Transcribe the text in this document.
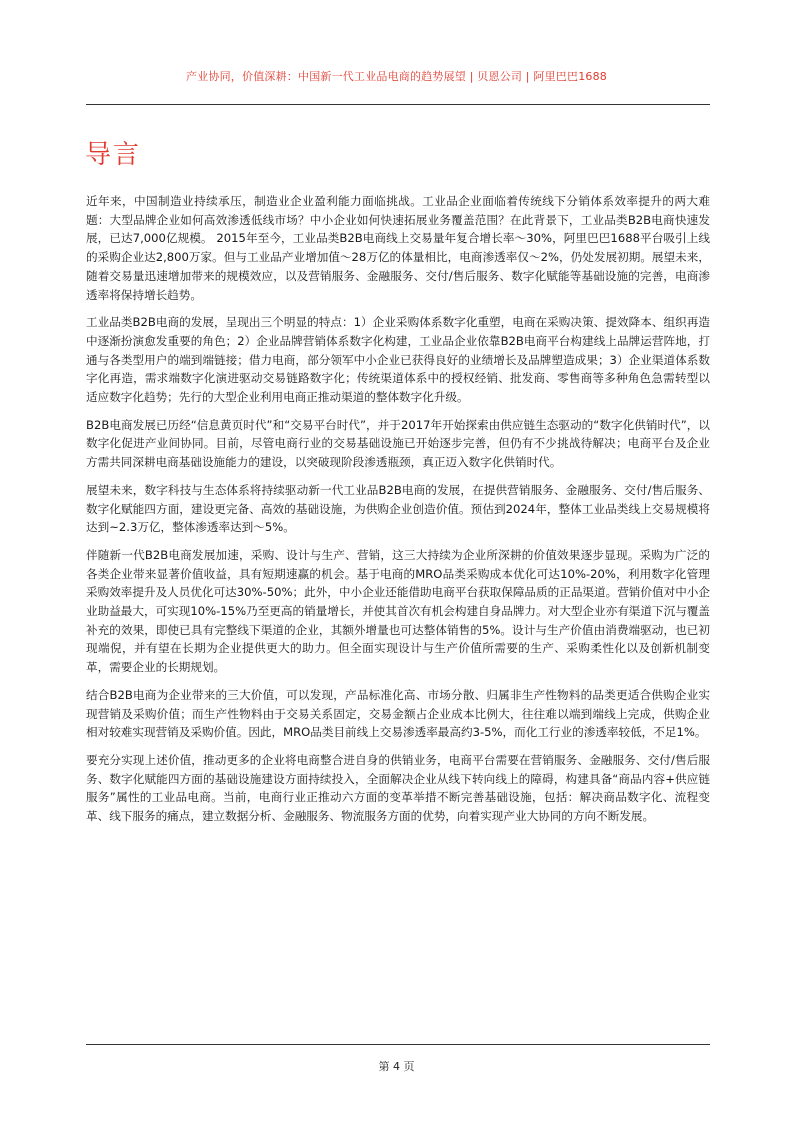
产业协同，价值深耕：中国新一代工业品电商的趋势展望 | 贝恩公司 | 阿里巴巴1688
导言

近年来，中国制造业持续承压，制造业企业盈利能力面临挑战。工业品企业面临着传统线下分销体系效率提升的两大难题：大型品牌企业如何高效渗透低线市场？中小企业如何快速拓展业务覆盖范围？在此背景下，工业品类B2B电商快速发展，已达7,000亿规模。 2015年至今，工业品类B2B电商线上交易量年复合增长率～30%，阿里巴巴1688平台吸引上线的采购企业达2,800万家。但与工业品产业增加值～28万亿的体量相比，电商渗透率仅～2%，仍处发展初期。展望未来，随着交易量迅速增加带来的规模效应，以及营销服务、金融服务、交付/售后服务、数字化赋能等基础设施的完善，电商渗透率将保持增长趋势。

工业品类B2B电商的发展，呈现出三个明显的特点：1）企业采购体系数字化重塑，电商在采购决策、提效降本、组织再造中逐渐扮演愈发重要的角色；2）企业品牌营销体系数字化构建，工业品企业依靠B2B电商平台构建线上品牌运营阵地，打通与各类型用户的端到端链接；借力电商，部分领军中小企业已获得良好的业绩增长及品牌塑造成果；3）企业渠道体系数字化再造，需求端数字化演进驱动交易链路数字化；传统渠道体系中的授权经销、批发商、零售商等多种角色急需转型以适应数字化趋势；先行的大型企业利用电商正推动渠道的整体数字化升级。

B2B电商发展已历经“信息黄页时代”和“交易平台时代”，并于2017年开始探索由供应链生态驱动的“数字化供销时代”，以数字化促进产业间协同。目前，尽管电商行业的交易基础设施已开始逐步完善，但仍有不少挑战待解决；电商平台及企业方需共同深耕电商基础设施能力的建设，以突破现阶段渗透瓶颈，真正迈入数字化供销时代。

展望未来，数字科技与生态体系将持续驱动新一代工业品B2B电商的发展，在提供营销服务、金融服务、交付/售后服务、数字化赋能四方面，建设更完备、高效的基础设施，为供购企业创造价值。预估到2024年，整体工业品类线上交易规模将达到~2.3万亿，整体渗透率达到～5%。

伴随新一代B2B电商发展加速，采购、设计与生产、营销，这三大持续为企业所深耕的价值效果逐步显现。采购为广泛的各类企业带来显著价值收益，具有短期速赢的机会。基于电商的MRO品类采购成本优化可达10%-20%，利用数字化管理采购效率提升及人员优化可达30%-50%；此外，中小企业还能借助电商平台获取保障品质的正品渠道。营销价值对中小企业助益最大，可实现10%-15%乃至更高的销量增长，并使其首次有机会构建自身品牌力。对大型企业亦有渠道下沉与覆盖补充的效果，即使已具有完整线下渠道的企业，其额外增量也可达整体销售的5%。设计与生产价值由消费端驱动，也已初现端倪，并有望在长期为企业提供更大的助力。但全面实现设计与生产价值所需要的生产、采购柔性化以及创新机制变革，需要企业的长期规划。

结合B2B电商为企业带来的三大价值，可以发现，产品标准化高、市场分散、归属非生产性物料的品类更适合供购企业实现营销及采购价值；而生产性物料由于交易关系固定，交易金额占企业成本比例大，往往难以端到端线上完成，供购企业相对较难实现营销及采购价值。因此，MRO品类目前线上交易渗透率最高约3-5%，而化工行业的渗透率较低，不足1%。

要充分实现上述价值，推动更多的企业将电商整合进自身的供销业务，电商平台需要在营销服务、金融服务、交付/售后服务、数字化赋能四方面的基础设施建设方面持续投入，全面解决企业从线下转向线上的障碍，构建具备“商品内容+供应链服务”属性的工业品电商。当前，电商行业正推动六方面的变革举措不断完善基础设施，包括：解决商品数字化、流程变革、线下服务的痛点，建立数据分析、金融服务、物流服务方面的优势，向着实现产业大协同的方向不断发展。

第 4 页
